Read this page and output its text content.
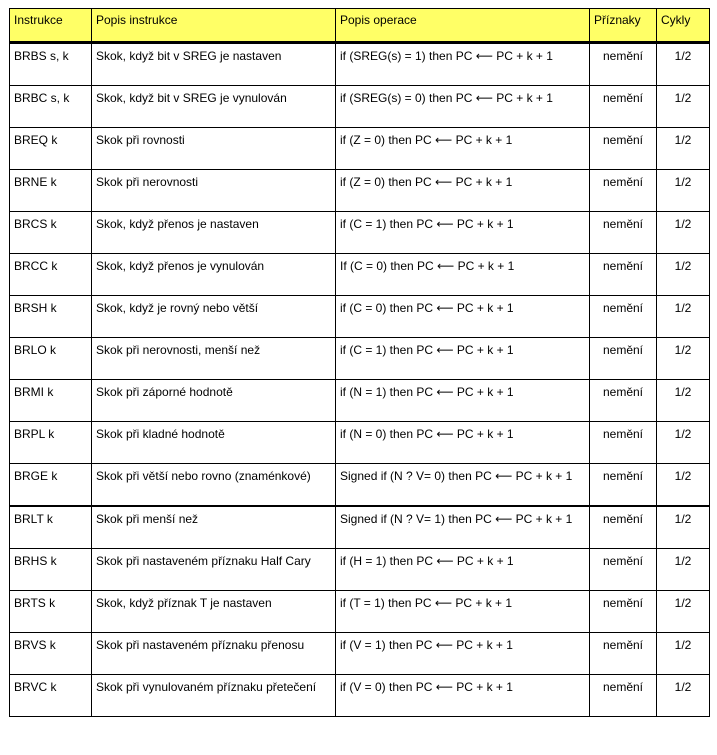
Instrukce	Popis instrukce	Popis operace	Příznaky	Cykly
BRBS s, k	Skok, když bit v SREG je nastaven	if (SREG(s) = 1) then PC ⟵ PC + k + 1	nemění	1/2
BRBC s, k	Skok, když bit v SREG je vynulován	if (SREG(s) = 0) then PC ⟵ PC + k + 1	nemění	1/2
BREQ k	Skok při rovnosti	if (Z = 0) then PC ⟵ PC + k + 1	nemění	1/2
BRNE k	Skok při nerovnosti	if (Z = 0) then PC ⟵ PC + k + 1	nemění	1/2
BRCS k	Skok, když přenos je nastaven	if (C = 1) then PC ⟵ PC + k + 1	nemění	1/2
BRCC k	Skok, když přenos je vynulován	If (C = 0) then PC ⟵ PC + k + 1	nemění	1/2
BRSH k	Skok, když je rovný nebo větší	if (C = 0) then PC ⟵ PC + k + 1	nemění	1/2
BRLO k	Skok při nerovnosti, menší než	if (C = 1) then PC ⟵ PC + k + 1	nemění	1/2
BRMI k	Skok při záporné hodnotě	if (N = 1) then PC ⟵ PC + k + 1	nemění	1/2
BRPL k	Skok při kladné hodnotě	if (N = 0) then PC ⟵ PC + k + 1	nemění	1/2
BRGE k	Skok při větší nebo rovno (znaménkové)	Signed if (N ? V= 0) then PC ⟵ PC + k + 1	nemění	1/2
BRLT k	Skok při menší než	Signed if (N ? V= 1) then PC ⟵ PC + k + 1	nemění	1/2
BRHS k	Skok při nastaveném příznaku Half Cary	if (H = 1) then PC ⟵ PC + k + 1	nemění	1/2
BRTS k	Skok, když příznak T je nastaven	if (T = 1) then PC ⟵ PC + k + 1	nemění	1/2
BRVS k	Skok při nastaveném příznaku přenosu	if (V = 1) then PC ⟵ PC + k + 1	nemění	1/2
BRVC k	Skok při vynulovaném příznaku přetečení	if (V = 0) then PC ⟵ PC + k + 1	nemění	1/2
